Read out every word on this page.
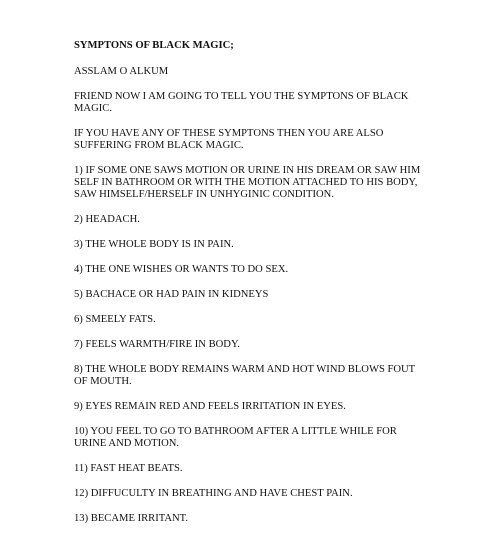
SYMPTONS OF BLACK MAGIC;
ASSLAM O ALKUM
FRIEND NOW I AM GOING TO TELL YOU THE SYMPTONS OF BLACK MAGIC.
IF YOU HAVE ANY OF THESE SYMPTONS THEN YOU ARE ALSO SUFFERING FROM BLACK MAGIC.
1) IF SOME ONE SAWS MOTION OR URINE IN HIS DREAM OR SAW HIM SELF IN BATHROOM OR WITH THE MOTION ATTACHED TO HIS BODY, SAW HIMSELF/HERSELF IN UNHYGINIC CONDITION.
2) HEADACH.
3) THE WHOLE BODY IS IN PAIN.
4) THE ONE WISHES OR WANTS TO DO SEX.
5) BACHACE OR HAD PAIN IN KIDNEYS
6) SMEELY FATS.
7) FEELS WARMTH/FIRE IN BODY.
8) THE WHOLE BODY REMAINS WARM AND HOT WIND BLOWS FOUT OF MOUTH.
9) EYES REMAIN RED AND FEELS IRRITATION IN EYES.
10) YOU FEEL TO GO TO BATHROOM AFTER A LITTLE WHILE FOR URINE AND MOTION.
11) FAST HEAT BEATS.
12) DIFFUCULTY IN BREATHING AND HAVE CHEST PAIN.
13) BECAME IRRITANT.
